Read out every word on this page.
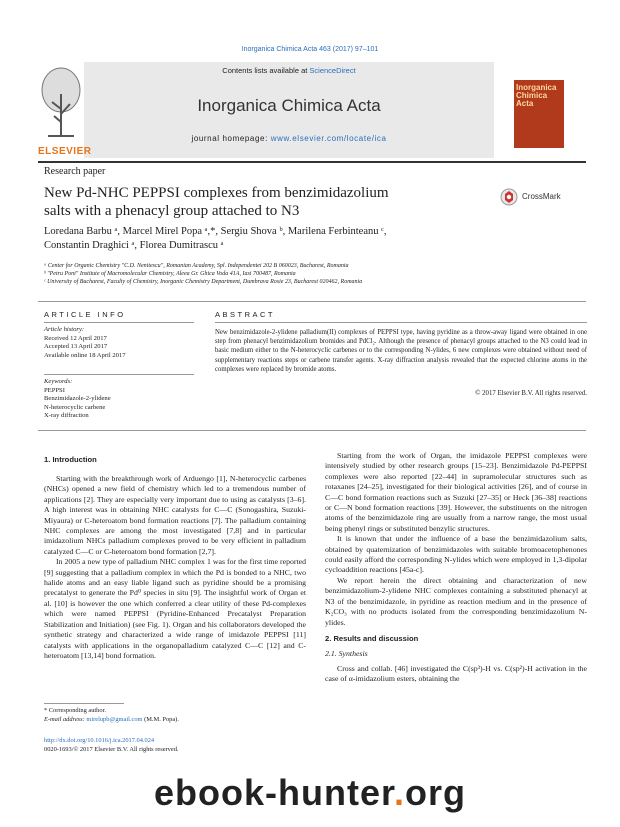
Inorganica Chimica Acta 463 (2017) 97–101
Contents lists available at ScienceDirect
Inorganica Chimica Acta
journal homepage: www.elsevier.com/locate/ica
ELSEVIER
Inorganica Chimica Acta
Research paper
New Pd-NHC PEPPSI complexes from benzimidazolium
salts with a phenacyl group attached to N3
CrossMark
Loredana Barbu ᵃ, Marcel Mirel Popa ᵃ,*, Sergiu Shova ᵇ, Marilena Ferbinteanu ᶜ,
Constantin Draghici ᵃ, Florea Dumitrascu ᵃ
ᵃ Center for Organic Chemistry "C.D. Nenitescu", Romanian Academy, Spl. Independentei 202 B 060023, Bucharest, Romania
ᵇ "Petru Poni" Institute of Macromolecular Chemistry, Aleea Gr. Ghica Voda 41A, Iasi 700487, Romania
ᶜ University of Bucharest, Faculty of Chemistry, Inorganic Chemistry Department, Dumbrava Rosie 23, Bucharest 020462, Romania
ARTICLE INFO
Article history:
Received 12 April 2017
Accepted 13 April 2017
Available online 18 April 2017
Keywords:
PEPPSI
Benzimidazole-2-ylidene
N-heterocyclic carbene
X-ray diffraction
ABSTRACT
New benzimidazole-2-ylidene palladium(II) complexes of PEPPSI type, having pyridine as a throw-away ligand were obtained in one step from phenacyl benzimidazolium bromides and PdCl₂. Although the presence of phenacyl groups attached to the N3 could lead in basic medium either to the N-heterocyclic carbenes or to the corresponding N-ylides, 6 new complexes were obtained without need of supplementary reactions steps or carbene transfer agents. X-ray diffraction analysis revealed that the expected chlorine atoms in the complexes were replaced by bromide atoms.
© 2017 Elsevier B.V. All rights reserved.
1. Introduction

Starting with the breakthrough work of Arduengo [1], N-heterocyclic carbenes (NHCs) opened a new field of chemistry which led to a tremendous number of applications [2]. They are especially very important due to using as catalysts [3–6]. A high interest was in obtaining NHC catalysts for C—C (Sonogashira, Suzuki-Miyaura) or C-heteroatom bond formation reactions [7]. The palladium containing NHC complexes are among the most investigated [7,8] and in particular imidazolium NHCs palladium complexes proved to be very efficient in palladium catalyzed C—C or C-heteroatom bond formation [2,7].

In 2005 a new type of palladium NHC complex 1 was for the first time reported [9] suggesting that a palladium complex in which the Pd is bonded to a NHC, two halide atoms and an easy liable ligand such as pyridine should be a promising precatalyst to generate the Pd⁰ species in situ [9]. The insightful work of Organ et al. [10] is however the one which conferred a clear utility of these Pd-complexes which were named PEPPSI (Pyridine-Enhanced Precatalyst Preparation Stabilization and Initiation) (see Fig. 1). Organ and his collaborators developed the synthetic strategy and characterized a wide range of imidazole PEPPSI [11] catalysts with applications in the organopalladium catalyzed C—C [12] and C-heteroatom [13,14] bond formation.

Starting from the work of Organ, the imidazole PEPPSI complexes were intensively studied by other research groups [15–23]. Benzimidazole Pd-PEPPSI complexes were also reported [22–44] in supramolecular structures such as rotaxanes [24–25], investigated for their biological activities [26], and of course in C—C bond formation reactions such as Suzuki [27–35] or Heck [36–38] reactions or C—N bond formation reactions [39]. However, the substituents on the nitrogen atoms of the benzimidazole ring are usually from a narrow range, the most usual being phenyl rings or substituted benzylic structures.

It is known that under the influence of a base the benzimidazolium salts, obtained by quaternization of benzimidazoles with suitable bromoacetophenones could easily afford the corresponding N-ylides which were employed in 1,3-dipolar cycloaddition reactions [45a-c].

We report herein the direct obtaining and characterization of new benzimidazolium-2-ylidene NHC complexes containing a substituted phenacyl at N3 of the benzimidazole, in pyridine as reaction medium and in the presence of K₂CO₃ with no products isolated from the corresponding benzimidazolium N-ylides.

2. Results and discussion
2.1. Synthesis

Cross and collab. [46] investigated the C(sp³)-H vs. C(sp²)-H activation in the case of α-imidazolium esters, obtaining the

* Corresponding author.
E-mail address: mirelupb@gmail.com (M.M. Popa).
http://dx.doi.org/10.1016/j.ica.2017.04.024
0020-1693/© 2017 Elsevier B.V. All rights reserved.
ebook-hunter.org
